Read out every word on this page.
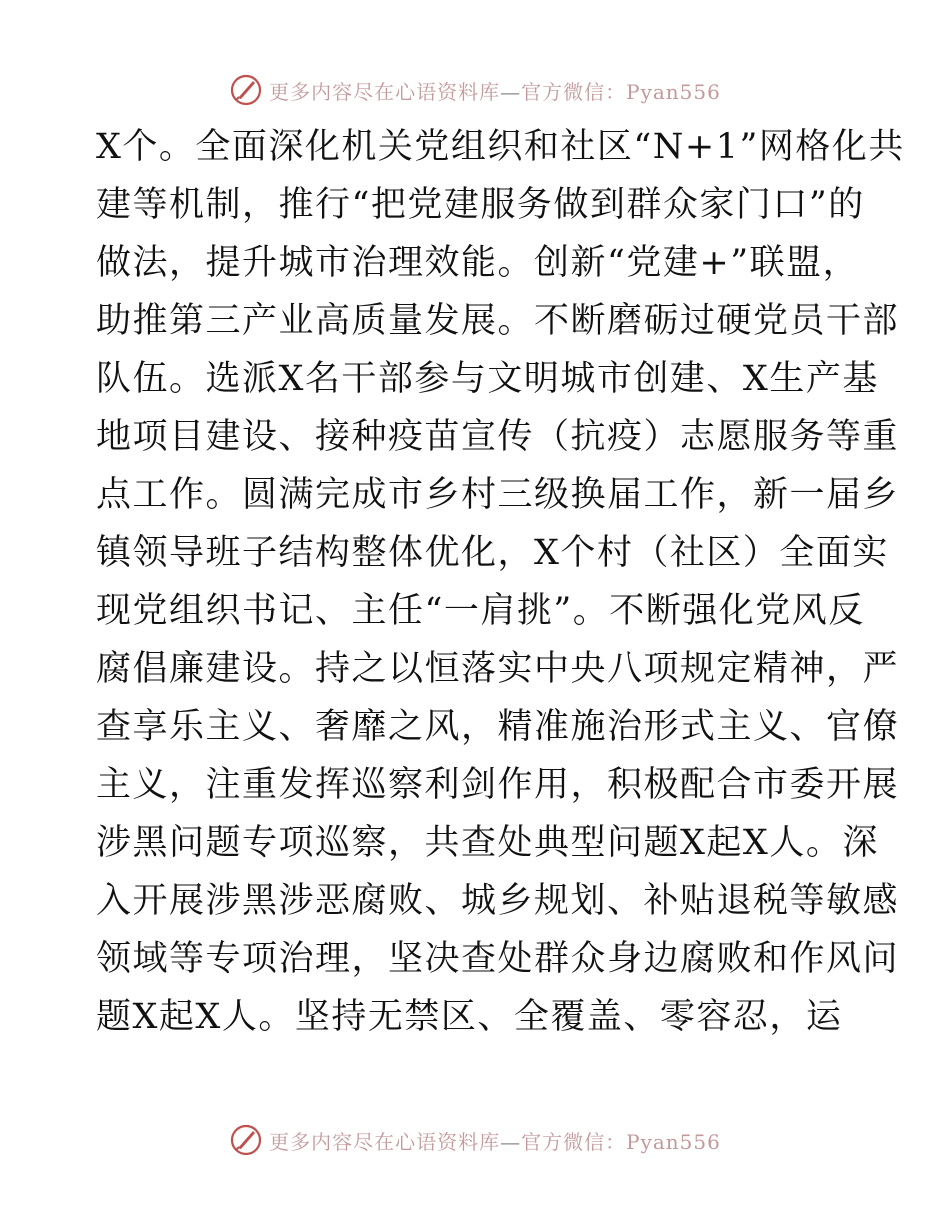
更多内容尽在心语资料库—官方微信：Pyan556
X个。全面深化机关党组织和社区“N+1”网格化共
建等机制，推行“把党建服务做到群众家门口”的
做法，提升城市治理效能。创新“党建+”联盟，
助推第三产业高质量发展。不断磨砺过硬党员干部
队伍。选派X名干部参与文明城市创建、X生产基
地项目建设、接种疫苗宣传（抗疫）志愿服务等重
点工作。圆满完成市乡村三级换届工作，新一届乡
镇领导班子结构整体优化，X个村（社区）全面实
现党组织书记、主任“一肩挑”。不断强化党风反
腐倡廉建设。持之以恒落实中央八项规定精神，严
查享乐主义、奢靡之风，精准施治形式主义、官僚
主义，注重发挥巡察利剑作用，积极配合市委开展
涉黑问题专项巡察，共查处典型问题X起X人。深
入开展涉黑涉恶腐败、城乡规划、补贴退税等敏感
领域等专项治理，坚决查处群众身边腐败和作风问
题X起X人。坚持无禁区、全覆盖、零容忍，运
更多内容尽在心语资料库—官方微信：Pyan556
